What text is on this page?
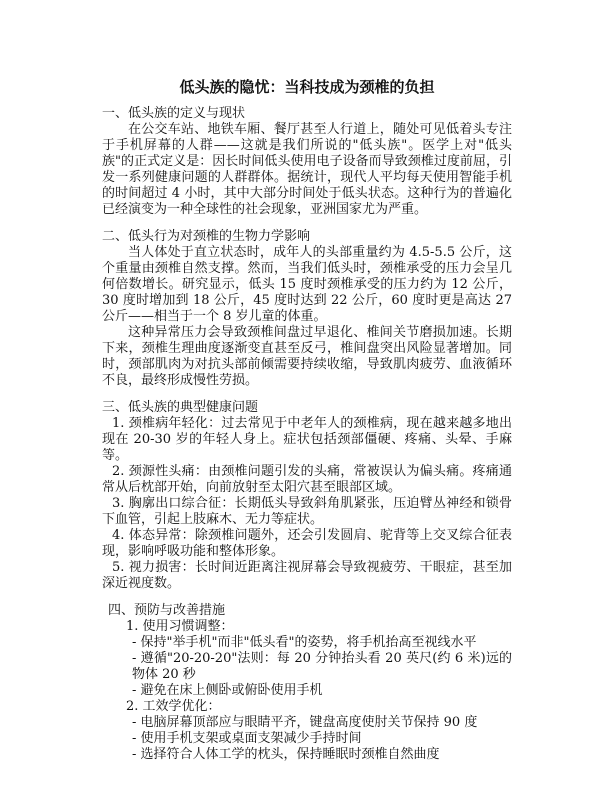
低头族的隐忧：当科技成为颈椎的负担

一、低头族的定义与现状

在公交车站、地铁车厢、餐厅甚至人行道上，随处可见低着头专注于手机屏幕的人群——这就是我们所说的"低头族"。医学上对"低头族"的正式定义是：因长时间低头使用电子设备而导致颈椎过度前屈，引发一系列健康问题的人群群体。据统计，现代人平均每天使用智能手机的时间超过 4 小时，其中大部分时间处于低头状态。这种行为的普遍化已经演变为一种全球性的社会现象，亚洲国家尤为严重。

二、低头行为对颈椎的生物力学影响

当人体处于直立状态时，成年人的头部重量约为 4.5-5.5 公斤，这个重量由颈椎自然支撑。然而，当我们低头时，颈椎承受的压力会呈几何倍数增长。研究显示，低头 15 度时颈椎承受的压力约为 12 公斤，30 度时增加到 18 公斤，45 度时达到 22 公斤，60 度时更是高达 27 公斤——相当于一个 8 岁儿童的体重。

这种异常压力会导致颈椎间盘过早退化、椎间关节磨损加速。长期下来，颈椎生理曲度逐渐变直甚至反弓，椎间盘突出风险显著增加。同时，颈部肌肉为对抗头部前倾需要持续收缩，导致肌肉疲劳、血液循环不良，最终形成慢性劳损。

三、低头族的典型健康问题

1. 颈椎病年轻化：过去常见于中老年人的颈椎病，现在越来越多地出现在 20-30 岁的年轻人身上。症状包括颈部僵硬、疼痛、头晕、手麻等。

2. 颈源性头痛：由颈椎问题引发的头痛，常被误认为偏头痛。疼痛通常从后枕部开始，向前放射至太阳穴甚至眼部区域。

3. 胸廓出口综合征：长期低头导致斜角肌紧张，压迫臂丛神经和锁骨下血管，引起上肢麻木、无力等症状。

4. 体态异常：除颈椎问题外，还会引发圆肩、驼背等上交叉综合征表现，影响呼吸功能和整体形象。

5. 视力损害：长时间近距离注视屏幕会导致视疲劳、干眼症，甚至加深近视度数。

四、预防与改善措施

1. 使用习惯调整：

- 保持"举手机"而非"低头看"的姿势，将手机抬高至视线水平

- 遵循"20-20-20"法则：每 20 分钟抬头看 20 英尺(约 6 米)远的物体 20 秒

- 避免在床上侧卧或俯卧使用手机

2. 工效学优化：

- 电脑屏幕顶部应与眼睛平齐，键盘高度使肘关节保持 90 度

- 使用手机支架或桌面支架减少手持时间

- 选择符合人体工学的枕头，保持睡眠时颈椎自然曲度
